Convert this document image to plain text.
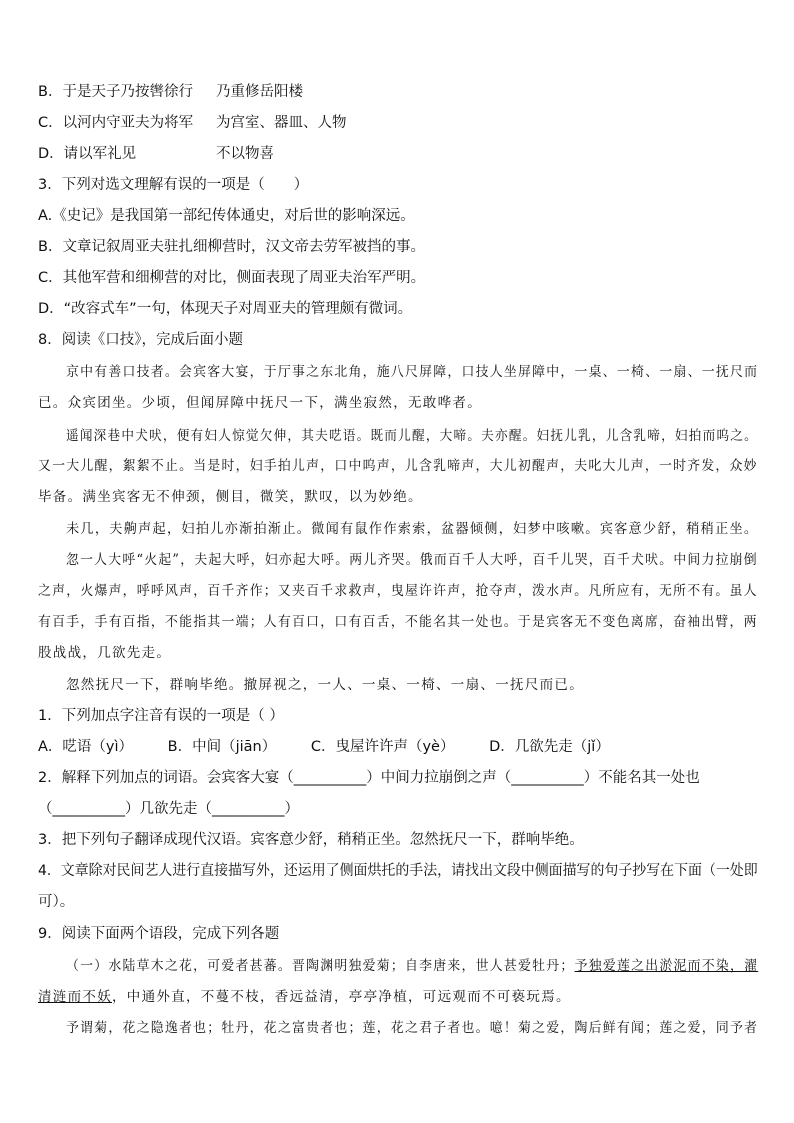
B．于是天子乃按辔徐行 乃重修岳阳楼
C．以河内守亚夫为将军 为宫室、器皿、人物
D．请以军礼见	不以物喜
3．下列对选文理解有误的一项是（　　）
A.《史记》是我国第一部纪传体通史，对后世的影响深远。
B．文章记叙周亚夫驻扎细柳营时，汉文帝去劳军被挡的事。
C．其他军营和细柳营的对比，侧面表现了周亚夫治军严明。
D．“改容式车”一句，体现天子对周亚夫的管理颇有微词。
8．阅读《口技》，完成后面小题
京中有善口技者。会宾客大宴，于厅事之东北角，施八尺屏障，口技人坐屏障中，一桌、一椅、一扇、一抚尺而
已。众宾团坐。少顷，但闻屏障中抚尺一下，满坐寂然，无敢哗者。
遥闻深巷中犬吠，便有妇人惊觉欠伸，其夫呓语。既而儿醒，大啼。夫亦醒。妇抚儿乳，儿含乳啼，妇拍而呜之。
又一大儿醒，絮絮不止。当是时，妇手拍儿声，口中呜声，儿含乳啼声，大儿初醒声，夫叱大儿声，一时齐发，众妙
毕备。满坐宾客无不伸颈，侧目，微笑，默叹，以为妙绝。
未几，夫齁声起，妇拍儿亦渐拍渐止。微闻有鼠作作索索，盆器倾侧，妇梦中咳嗽。宾客意少舒，稍稍正坐。
忽一人大呼“火起”，夫起大呼，妇亦起大呼。两儿齐哭。俄而百千人大呼，百千儿哭，百千犬吠。中间力拉崩倒
之声，火爆声，呼呼风声，百千齐作；又夹百千求救声，曳屋许许声，抢夺声，泼水声。凡所应有，无所不有。虽人
有百手，手有百指，不能指其一端；人有百口，口有百舌，不能名其一处也。于是宾客无不变色离席，奋袖出臂，两
股战战，几欲先走。
忽然抚尺一下，群响毕绝。撤屏视之，一人、一桌、一椅、一扇、一抚尺而已。
1．下列加点字注音有误的一项是（ ）
A．呓语（yì） B．中间（jiān） C．曳屋许许声（yè） D．几欲先走（jǐ）
2．解释下列加点的词语。会宾客大宴（__________）中间力拉崩倒之声（__________）不能名其一处也
（__________）几欲先走（__________）
3．把下列句子翻译成现代汉语。宾客意少舒，稍稍正坐。忽然抚尺一下，群响毕绝。
4．文章除对民间艺人进行直接描写外，还运用了侧面烘托的手法，请找出文段中侧面描写的句子抄写在下面（一处即
可）。
9．阅读下面两个语段，完成下列各题
（一）水陆草木之花，可爱者甚蕃。晋陶渊明独爱菊；自李唐来，世人甚爱牡丹；予独爱莲之出淤泥而不染，濯
清涟而不妖，中通外直，不蔓不枝，香远益清，亭亭净植，可远观而不可亵玩焉。
予谓菊，花之隐逸者也；牡丹，花之富贵者也；莲，花之君子者也。噫！菊之爱，陶后鲜有闻；莲之爱，同予者
